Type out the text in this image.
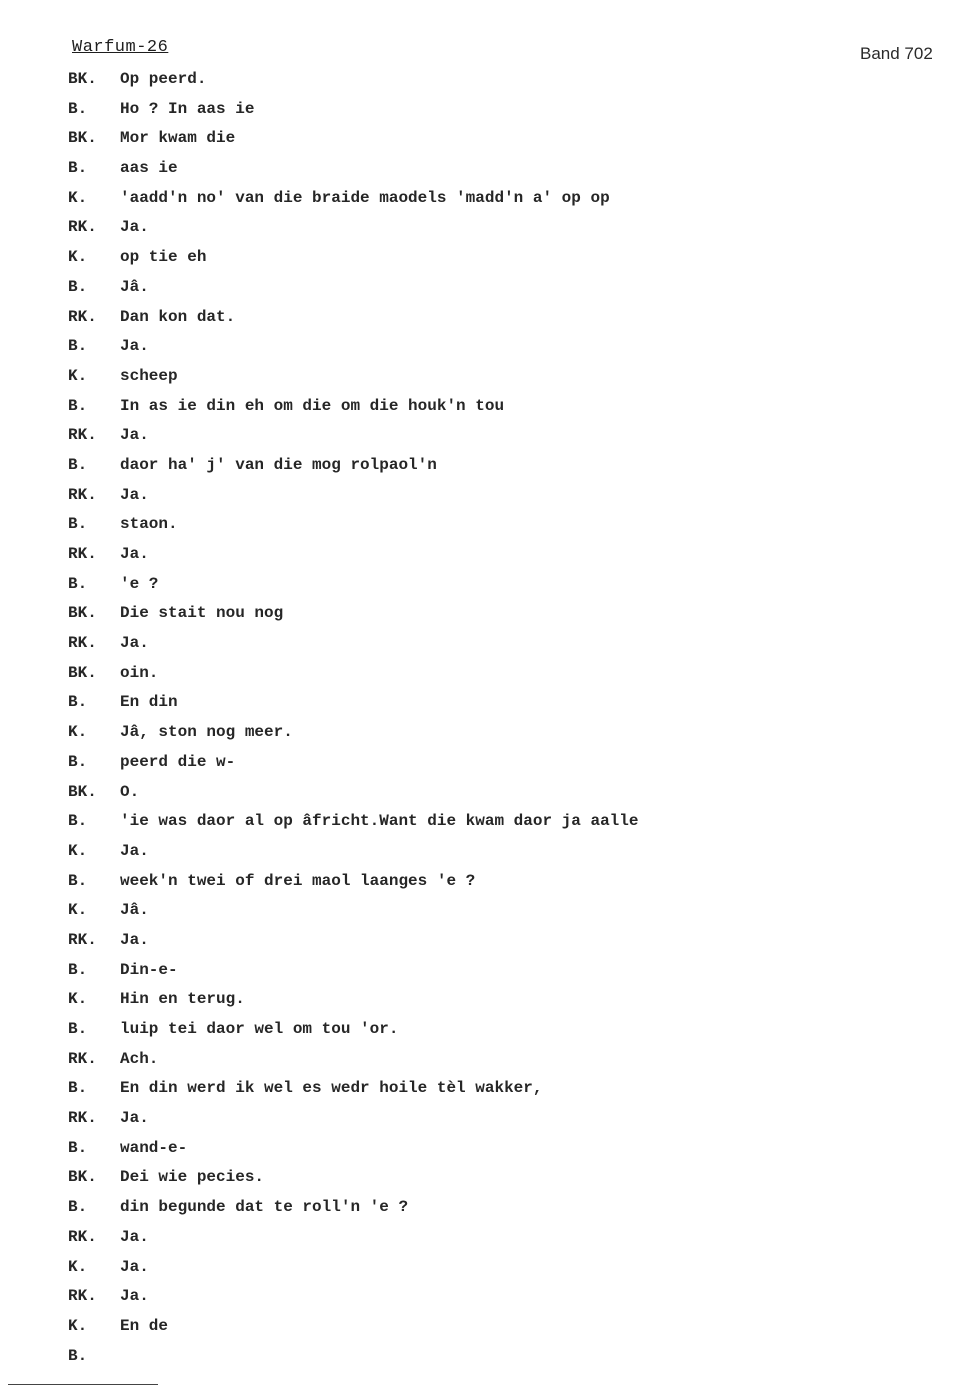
Warfum-26	Band 702
BK. Op peerd.
B. Ho ? In aas ie
BK. Mor kwam die
B. aas ie
K. 'aadd'n no' van die braide maodels 'madd'n a' op op
RK. Ja.
K. op tie eh
B. Jâ.
RK. Dan kon dat.
B. Ja.
K. scheep
B. In as ie din eh om die om die houk'n tou
RK. Ja.
B. daor ha' j' van die mog rolpaol'n
RK. Ja.
B. staon.
RK. Ja.
B. 'e ?
BK. Die stait nou nog
RK. Ja.
BK. oin.
B. En din
K. Jâ, ston nog meer.
B. peerd die w-
BK. O.
B. 'ie was daor al op âfricht.Want die kwam daor ja aalle
K. Ja.
B. week'n twei of drei maol laanges 'e ?
K. Jâ.
RK. Ja.
B. Din-e-
K. Hin en terug.
B. luip tei daor wel om tou 'or.
RK. Ach.
B. En din werd ik wel es wedr hoile tèl wakker,
RK. Ja.
B. wand-e-
BK. Dei wie pecies.
B. din begunde dat te roll'n 'e ?
RK. Ja.
K. Ja.
RK. Ja.
K. En de
B.
